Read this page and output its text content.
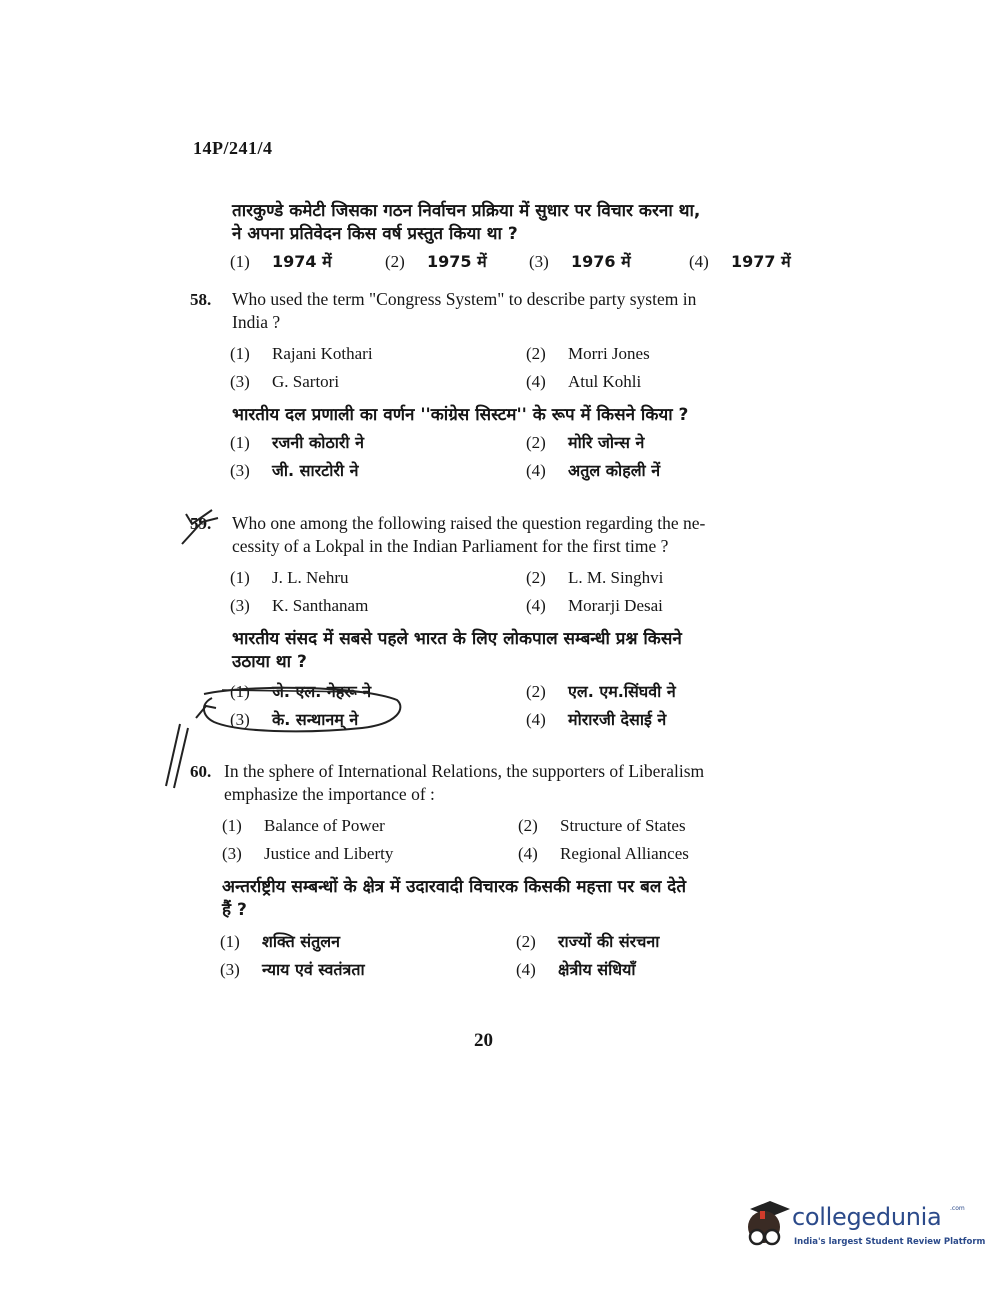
14P/241/4
तारकुण्डे कमेटी जिसका गठन निर्वाचन प्रक्रिया में सुधार पर विचार करना था,
ने अपना प्रतिवेदन किस वर्ष प्रस्तुत किया था ?
(1)	1974 में	(2)	1975 में (3)	1976 में	(4)	1977 में
58. Who used the term "Congress System" to describe party system in
India ?
(1)	Rajani Kothari	(2)	Morri Jones
(3)	G. Sartori	(4)	Atul Kohli
भारतीय दल प्रणाली का वर्णन ''कांग्रेस सिस्टम'' के रूप में किसने किया ?
(1)	रजनी कोठारी ने	(2)	मोरि जोन्स ने
(3)	जी. सारटोरी ने	(4)	अतुल कोहली नें
59. Who one among the following raised the question regarding the ne-
cessity of a Lokpal in the Indian Parliament for the first time ?
(1)	J. L. Nehru	(2)	L. M. Singhvi
(3)	K. Santhanam	(4)	Morarji Desai
भारतीय संसद में सबसे पहले भारत के लिए लोकपाल सम्बन्धी प्रश्न किसने
उठाया था ?
(1)	जे. एल. नेहरू ने	(2)	एल. एम.सिंघवी ने
(3)	के. सन्थानम् ने	(4)	मोरारजी देसाई ने
60. In the sphere of International Relations, the supporters of Liberalism
emphasize the importance of :
(1)	Balance of Power	(2)	Structure of States
(3)	Justice and Liberty	(4)	Regional Alliances
अन्तर्राष्ट्रीय सम्बन्धों के क्षेत्र में उदारवादी विचारक किसकी महत्ता पर बल देते
हैं ?
(1)	शक्ति संतुलन	(2)	राज्यों की संरचना
(3)	न्याय एवं स्वतंत्रता	(4)	क्षेत्रीय संधियाँ
20
collegedunia .com
India's largest Student Review Platform
